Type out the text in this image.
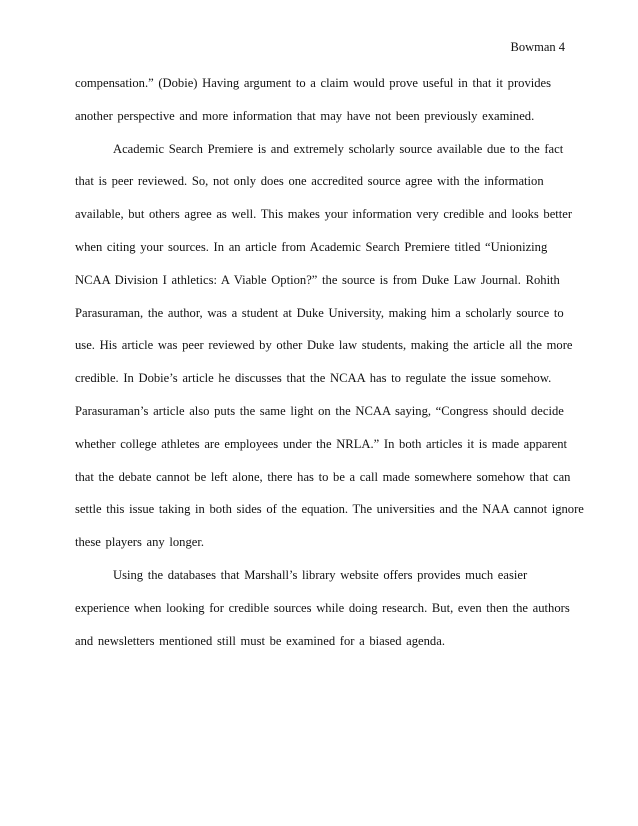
Bowman 4
compensation.” (Dobie) Having argument to a claim would prove useful in that it provides
another perspective and more information that may have not been previously examined.
Academic Search Premiere is and extremely scholarly source available due to the fact
that is peer reviewed. So, not only does one accredited source agree with the information
available, but others agree as well. This makes your information very credible and looks better
when citing your sources. In an article from Academic Search Premiere titled “Unionizing
NCAA Division I athletics: A Viable Option?” the source is from Duke Law Journal. Rohith
Parasuraman, the author, was a student at Duke University, making him a scholarly source to
use. His article was peer reviewed by other Duke law students, making the article all the more
credible. In Dobie’s article he discusses that the NCAA has to regulate the issue somehow.
Parasuraman’s article also puts the same light on the NCAA saying, “Congress should decide
whether college athletes are employees under the NRLA.” In both articles it is made apparent
that the debate cannot be left alone, there has to be a call made somewhere somehow that can
settle this issue taking in both sides of the equation. The universities and the NAA cannot ignore
these players any longer.
Using the databases that Marshall’s library website offers provides much easier
experience when looking for credible sources while doing research. But, even then the authors
and newsletters mentioned still must be examined for a biased agenda.
